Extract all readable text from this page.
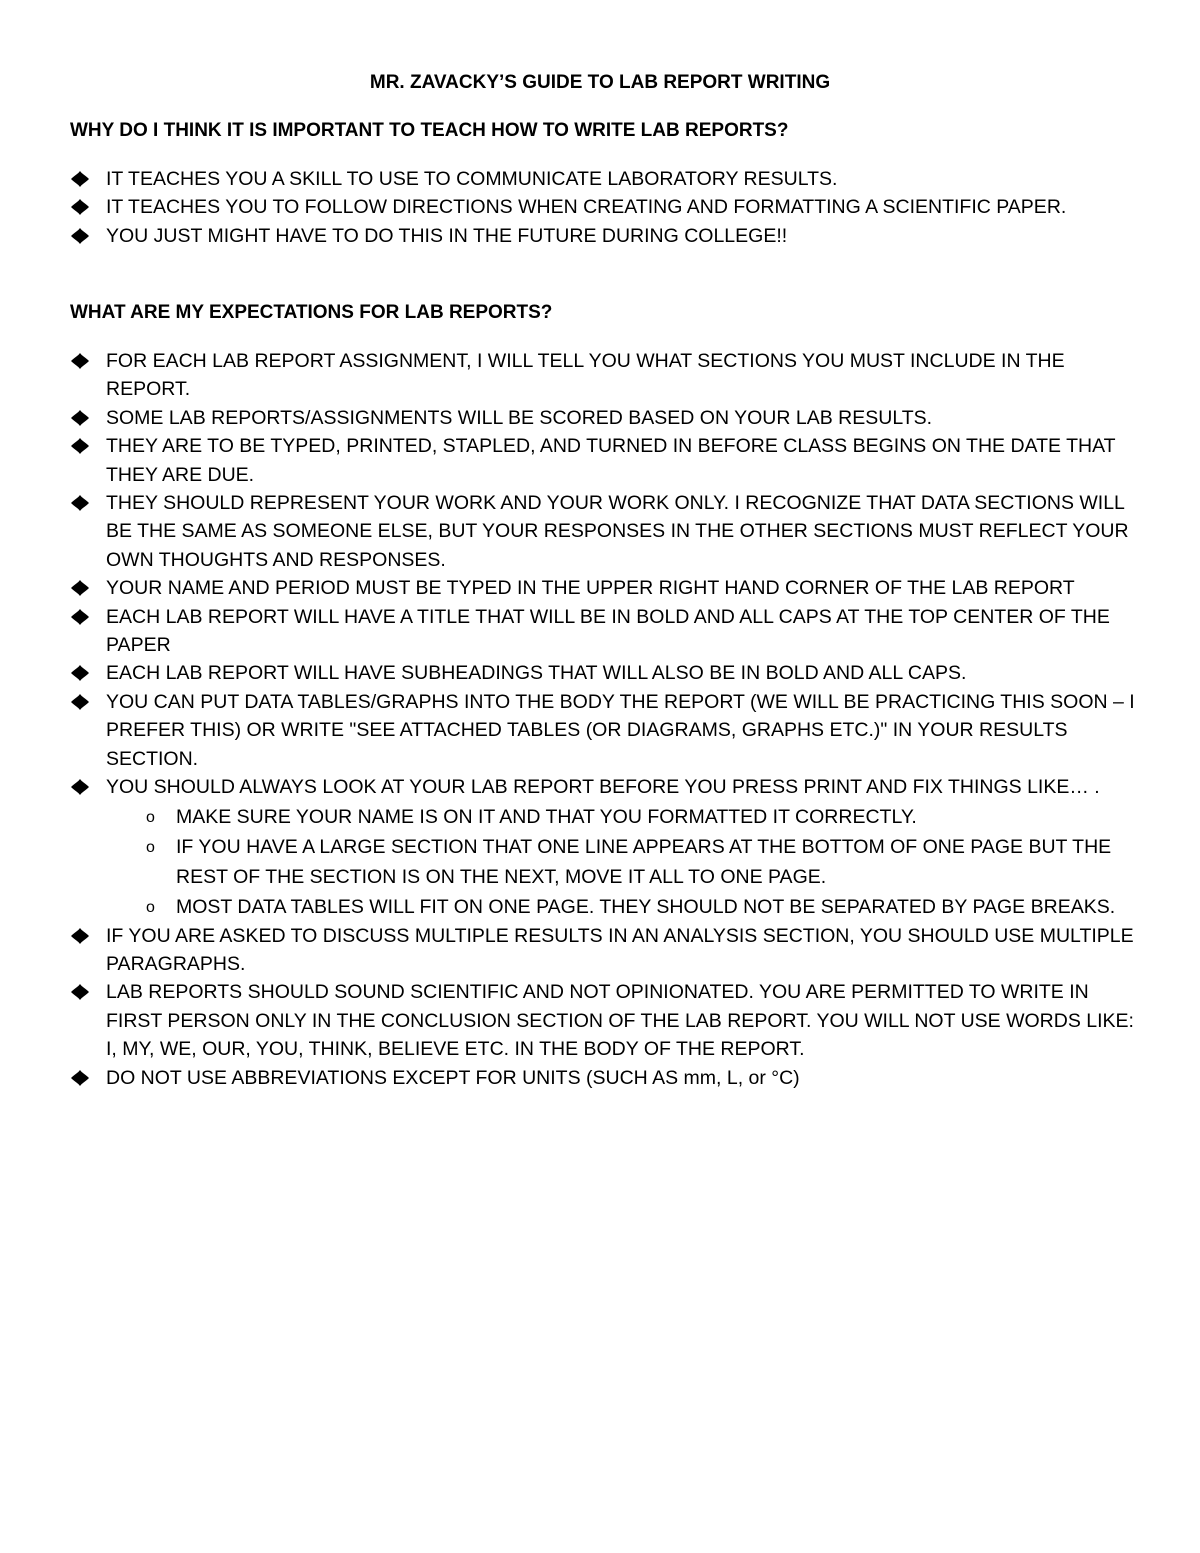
MR. ZAVACKY’S GUIDE TO LAB REPORT WRITING
WHY DO I THINK IT IS IMPORTANT TO TEACH HOW TO WRITE LAB REPORTS?
IT TEACHES YOU A SKILL TO USE TO COMMUNICATE LABORATORY RESULTS.
IT TEACHES YOU TO FOLLOW DIRECTIONS WHEN CREATING AND FORMATTING A SCIENTIFIC PAPER.
YOU JUST MIGHT HAVE TO DO THIS IN THE FUTURE DURING COLLEGE!!
WHAT ARE MY EXPECTATIONS FOR LAB REPORTS?
FOR EACH LAB REPORT ASSIGNMENT, I WILL TELL YOU WHAT SECTIONS YOU MUST INCLUDE IN THE REPORT.
SOME LAB REPORTS/ASSIGNMENTS WILL BE SCORED BASED ON YOUR LAB RESULTS.
THEY ARE TO BE TYPED, PRINTED, STAPLED, AND TURNED IN BEFORE CLASS BEGINS ON THE DATE THAT THEY ARE DUE.
THEY SHOULD REPRESENT YOUR WORK AND YOUR WORK ONLY. I RECOGNIZE THAT DATA SECTIONS WILL BE THE SAME AS SOMEONE ELSE, BUT YOUR RESPONSES IN THE OTHER SECTIONS MUST REFLECT YOUR OWN THOUGHTS AND RESPONSES.
YOUR NAME AND PERIOD MUST BE TYPED IN THE UPPER RIGHT HAND CORNER OF THE LAB REPORT
EACH LAB REPORT WILL HAVE A TITLE THAT WILL BE IN BOLD AND ALL CAPS AT THE TOP CENTER OF THE PAPER
EACH LAB REPORT WILL HAVE SUBHEADINGS THAT WILL ALSO BE IN BOLD AND ALL CAPS.
YOU CAN PUT DATA TABLES/GRAPHS INTO THE BODY THE REPORT (WE WILL BE PRACTICING THIS SOON – I PREFER THIS) OR WRITE "SEE ATTACHED TABLES (OR DIAGRAMS, GRAPHS ETC.)" IN YOUR RESULTS SECTION.
YOU SHOULD ALWAYS LOOK AT YOUR LAB REPORT BEFORE YOU PRESS PRINT AND FIX THINGS LIKE… .
o MAKE SURE YOUR NAME IS ON IT AND THAT YOU FORMATTED IT CORRECTLY.
o IF YOU HAVE A LARGE SECTION THAT ONE LINE APPEARS AT THE BOTTOM OF ONE PAGE BUT THE REST OF THE SECTION IS ON THE NEXT, MOVE IT ALL TO ONE PAGE.
o MOST DATA TABLES WILL FIT ON ONE PAGE. THEY SHOULD NOT BE SEPARATED BY PAGE BREAKS.
IF YOU ARE ASKED TO DISCUSS MULTIPLE RESULTS IN AN ANALYSIS SECTION, YOU SHOULD USE MULTIPLE PARAGRAPHS.
LAB REPORTS SHOULD SOUND SCIENTIFIC AND NOT OPINIONATED. YOU ARE PERMITTED TO WRITE IN FIRST PERSON ONLY IN THE CONCLUSION SECTION OF THE LAB REPORT. YOU WILL NOT USE WORDS LIKE: I, MY, WE, OUR, YOU, THINK, BELIEVE ETC. IN THE BODY OF THE REPORT.
DO NOT USE ABBREVIATIONS EXCEPT FOR UNITS (SUCH AS mm, L, or °C)
